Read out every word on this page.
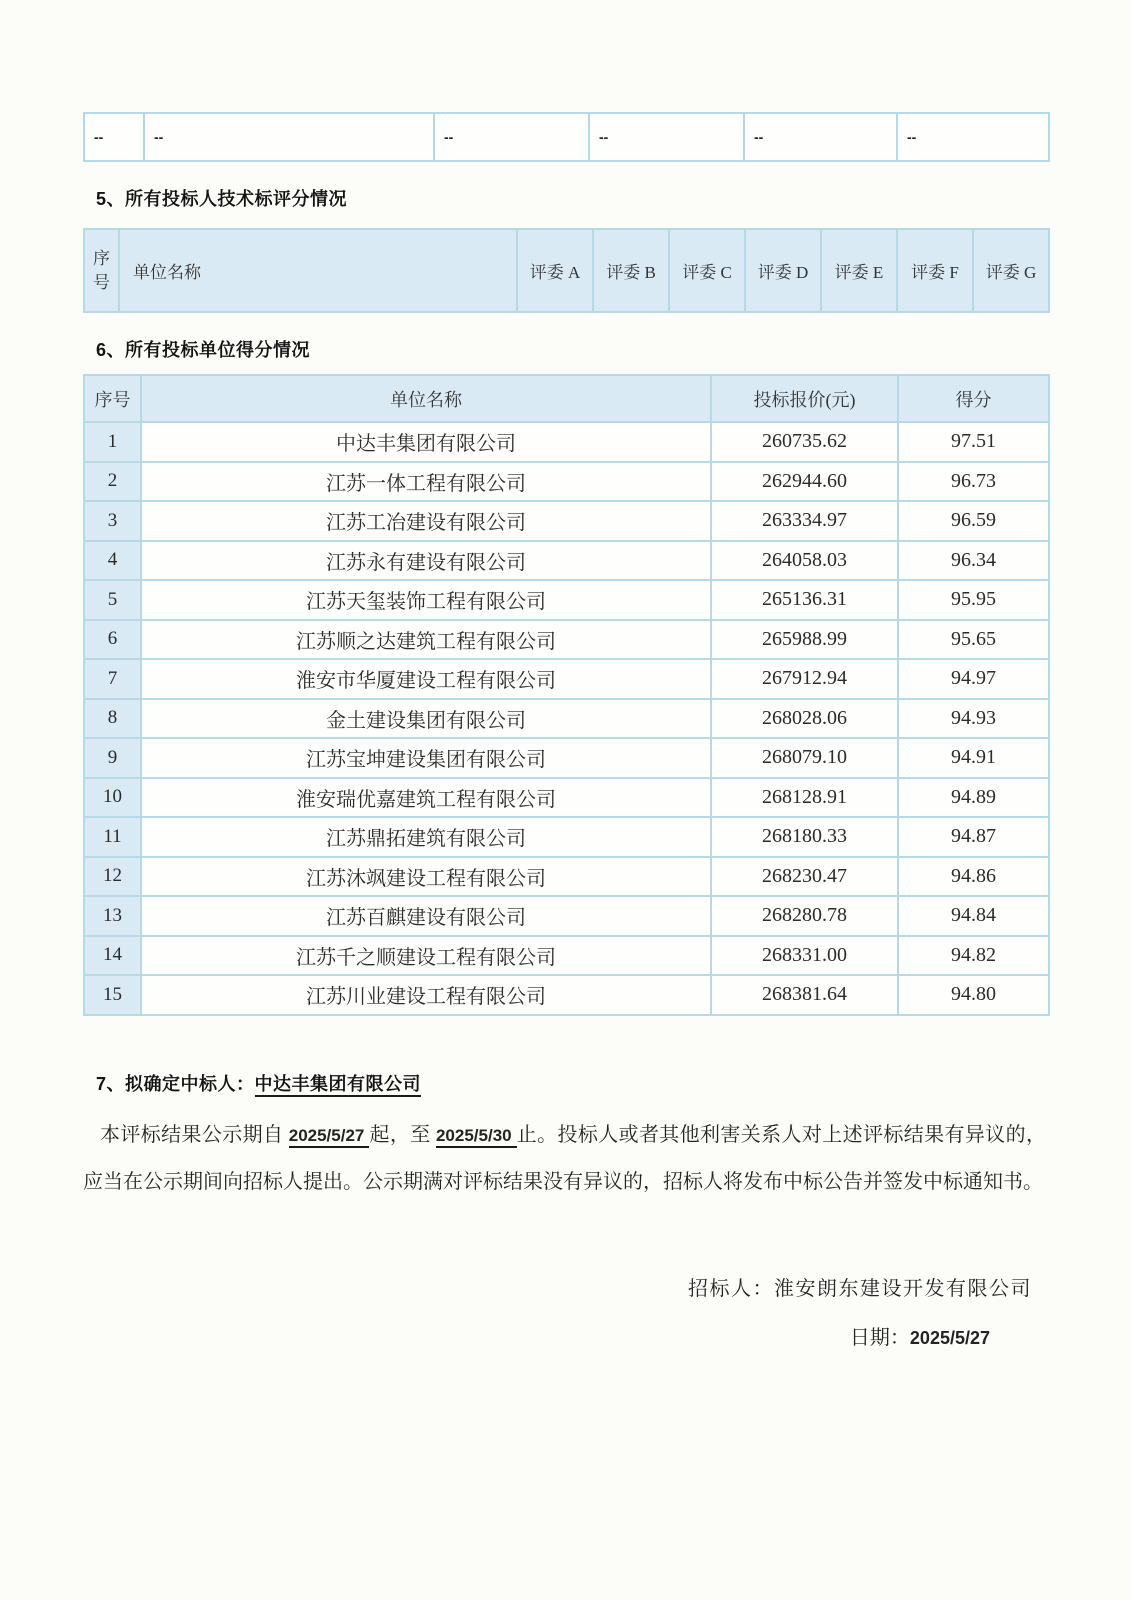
--	--	--	--	--	--
5、所有投标人技术标评分情况
序号	单位名称	评委 A	评委 B	评委 C	评委 D	评委 E	评委 F	评委 G
6、所有投标单位得分情况
序号	单位名称	投标报价(元)	得分
1	中达丰集团有限公司	260735.62	97.51
2	江苏一体工程有限公司	262944.60	96.73
3	江苏工冶建设有限公司	263334.97	96.59
4	江苏永有建设有限公司	264058.03	96.34
5	江苏天玺装饰工程有限公司	265136.31	95.95
6	江苏顺之达建筑工程有限公司	265988.99	95.65
7	淮安市华厦建设工程有限公司	267912.94	94.97
8	金土建设集团有限公司	268028.06	94.93
9	江苏宝坤建设集团有限公司	268079.10	94.91
10	淮安瑞优嘉建筑工程有限公司	268128.91	94.89
11	江苏鼎拓建筑有限公司	268180.33	94.87
12	江苏沐飒建设工程有限公司	268230.47	94.86
13	江苏百麒建设有限公司	268280.78	94.84
14	江苏千之顺建设工程有限公司	268331.00	94.82
15	江苏川业建设工程有限公司	268381.64	94.80
7、拟确定中标人：中达丰集团有限公司
本评标结果公示期自 2025/5/27 起，至 2025/5/30 止。投标人或者其他利害关系人对上述评标结果有异议的，应当在公示期间向招标人提出。公示期满对评标结果没有异议的，招标人将发布中标公告并签发中标通知书。
招标人：淮安朗东建设开发有限公司
日期：2025/5/27
